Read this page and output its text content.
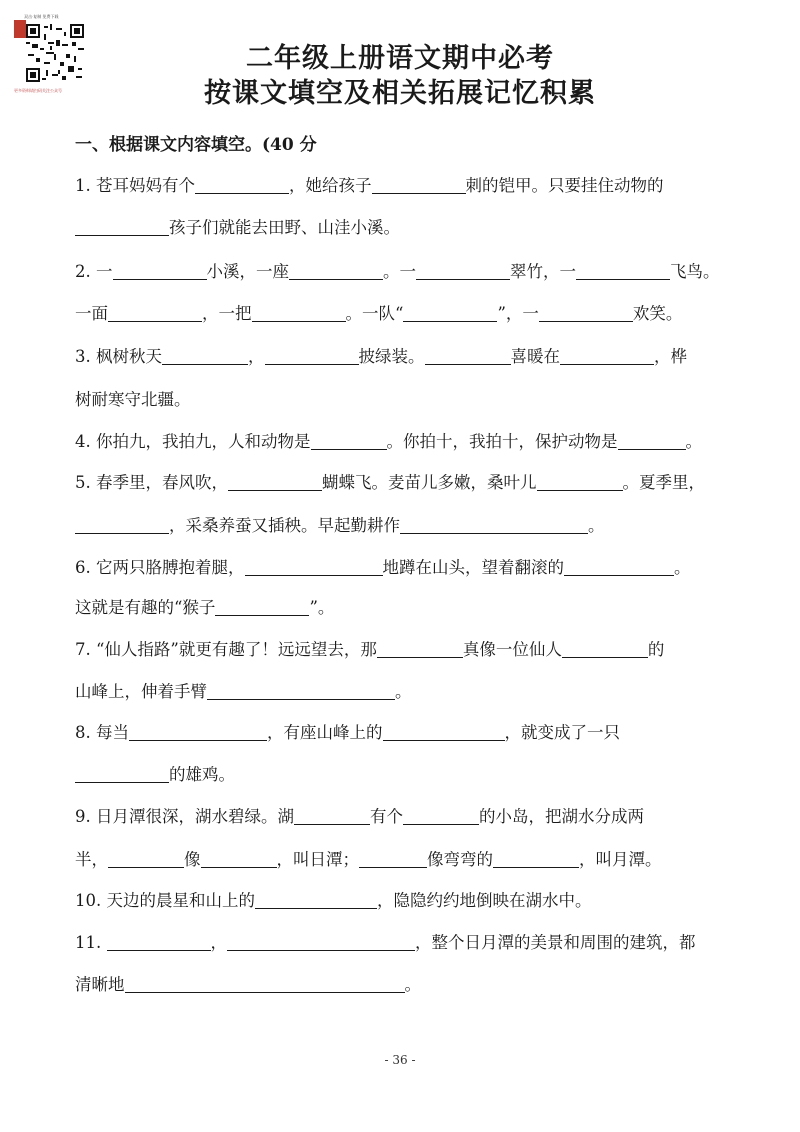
双击·复制 免费下载
更多资料请扫码关注公众号
二年级上册语文期中必考
按课文填空及相关拓展记忆积累
一、根据课文内容填空。(40 分
1. 苍耳妈妈有个	，她给孩子	刺的铠甲。只要挂住动物的
孩子们就能去田野、山洼小溪。
2. 一	小溪，一座	。一	翠竹，一	飞鸟。
一面	，一把	。一队“	”，一	欢笑。
3. 枫树秋天	，	披绿装。	喜暖在	，桦
树耐寒守北疆。
4. 你拍九，我拍九，人和动物是	。你拍十，我拍十，保护动物是	。
5. 春季里，春风吹，	蝴蝶飞。麦苗儿多嫩，桑叶儿	。夏季里，
，采桑养蚕又插秧。早起勤耕作	。
6. 它两只胳膊抱着腿，	地蹲在山头，望着翻滚的	。
这就是有趣的“猴子	”。
7. “仙人指路”就更有趣了！远远望去，那	真像一位仙人	的
山峰上，伸着手臂	。
8. 每当	，有座山峰上的	，就变成了一只
的雄鸡。
9. 日月潭很深，湖水碧绿。湖	有个	的小岛，把湖水分成两
半，	像	，叫日潭；	像弯弯的	，叫月潭。
10. 天边的晨星和山上的	，隐隐约约地倒映在湖水中。
11.	，	，整个日月潭的美景和周围的建筑，都
清晰地	。
- 36 -
